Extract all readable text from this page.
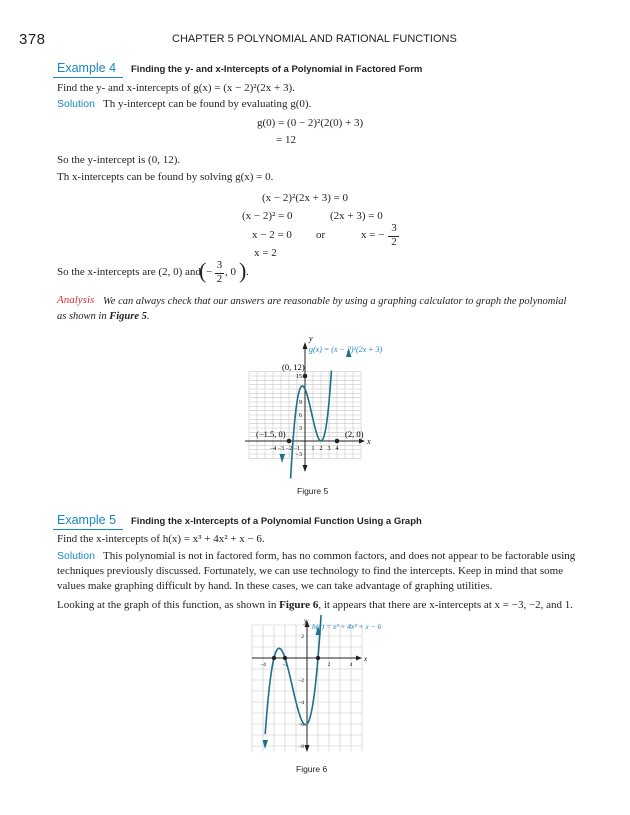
378	CHAPTER 5 POLYNOMIAL AND RATIONAL FUNCTIONS
Example 4 Finding the y- and x-Intercepts of a Polynomial in Factored Form
Find the y- and x-intercepts of g(x) = (x − 2)²(2x + 3).
Solution Th y-intercept can be found by evaluating g(0).
g(0) = (0 − 2)²(2(0) + 3)
= 12
So the y-intercept is (0, 12).
Th x-intercepts can be found by solving g(x) = 0.
(x − 2)²(2x + 3) = 0
(x − 2)² = 0	(2x + 3) = 0
x − 2 = 0 or	x = −
3
2
x = 2
So the x-intercepts are (2, 0) and
( −
3
2
, 0 ) .
Analysis We can always check that our answers are reasonable by using a graphing calculator to graph the polynomial
as shown in Figure 5.
−4 −3 −2 −1 1 2 3 4
15
9
6
3
−3
y
x
g(x) = (x − 2)²(2x + 3)
(0, 12)
(−1.5, 0)	(2, 0)
Figure 5
Example 5 Finding the x-Intercepts of a Polynomial Function Using a Graph
Find the x-intercepts of h(x) = x³ + 4x² + x − 6.
Solution This polynomial is not in factored form, has no common factors, and does not appear to be factorable using
techniques previously discussed. Fortunately, we can use technology to find the intercepts. Keep in mind that some
values make graphing difficult by hand. In these cases, we can take advantage of graphing utilities.
Looking at the graph of this function, as shown in Figure 6, it appears that there are x-intercepts at x = −3, −2, and 1.
−4	−2	2	4
2
−2
−4
−6
−8
y
x
h(x) = x³ + 4x² + x − 6
Figure 6
